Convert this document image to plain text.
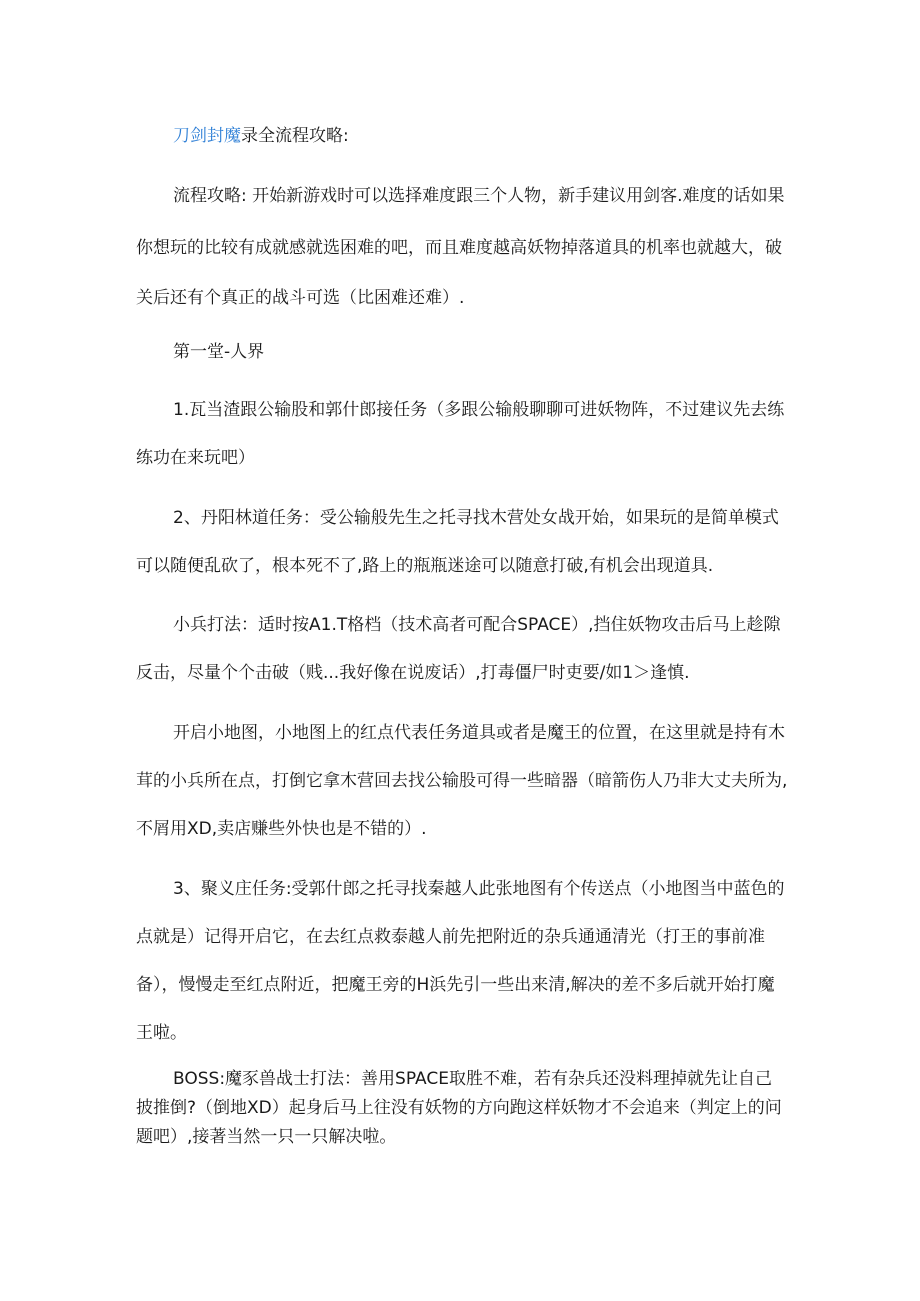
刀剑封魔录全流程攻略:
流程攻略: 开始新游戏时可以选择难度跟三个人物，新手建议用剑客.难度的话如果
你想玩的比较有成就感就选困难的吧，而且难度越高妖物掉落道具的机率也就越大，破
关后还有个真正的战斗可选（比困难还难）.
第一堂-人界
1.瓦当渣跟公输股和郭什郎接任务（多跟公输般聊聊可进妖物阵，不过建议先去练
练功在来玩吧）
2、丹阳林道任务：受公输般先生之托寻找木营处女战开始，如果玩的是简单模式
可以随便乱砍了，根本死不了,路上的瓶瓶迷途可以随意打破,有机会出现道具.
小兵打法：适时按A1.T格档（技术高者可配合SPACE）,挡住妖物攻击后马上趁隙
反击，尽量个个击破（贱...我好像在说废话）,打毒僵尸时吏要/如1＞逢慎.
开启小地图，小地图上的红点代表任务道具或者是魔王的位置，在这里就是持有木
茸的小兵所在点，打倒它拿木营回去找公输股可得一些暗器（暗箭伤人乃非大丈夫所为,
不屑用XD,卖店赚些外快也是不错的）.
3、聚义庄任务:受郭什郎之托寻找秦越人此张地图有个传送点（小地图当中蓝色的
点就是）记得开启它，在去红点救泰越人前先把附近的杂兵通通清光（打王的事前准
备），慢慢走至红点附近，把魔王旁的H浜先引一些出来清,解决的差不多后就开始打魔
王啦。
BOSS:魔豕兽战士打法：善用SPACE取胜不难，若有杂兵还没料理掉就先让自己
披推倒?（倒地XD）起身后马上往没有妖物的方向跑这样妖物才不会追来（判定上的问
题吧）,接著当然一只一只解决啦。
